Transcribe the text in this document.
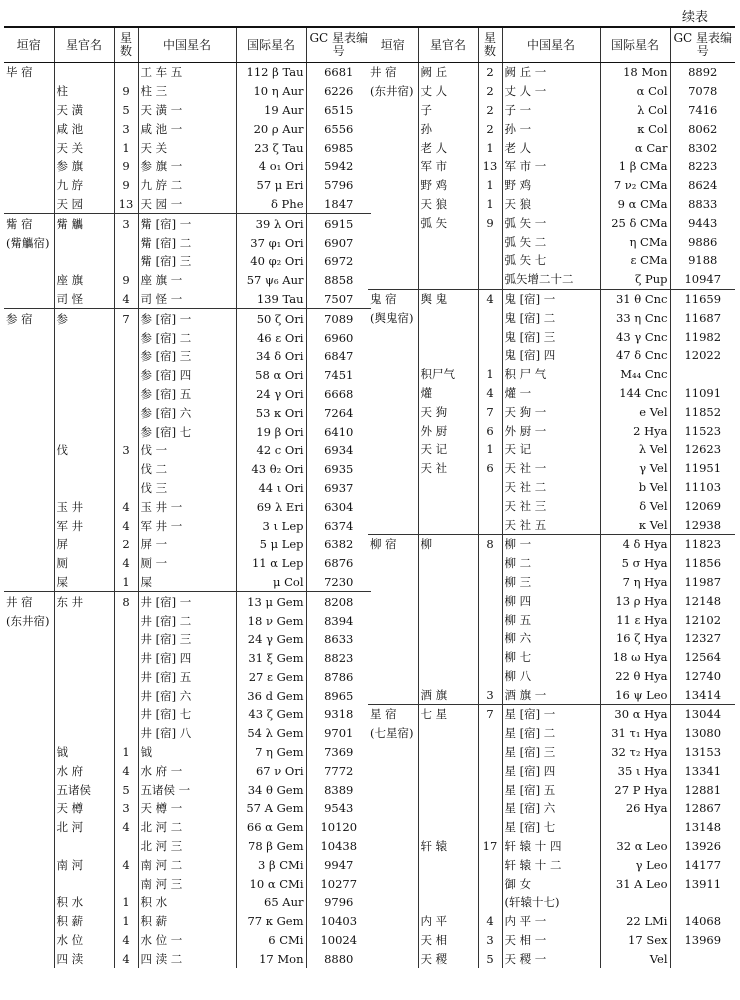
续表
垣宿	星官名	星数	中国星名	国际星名	GC 星表编号
毕 宿			工 车 五	112 β Tau	6681
	柱	9	柱 三	10 η Aur	6226
	天 潢	5	天 潢 一	19 Aur	6515
	咸 池	3	咸 池 一	20 ρ Aur	6556
	天 关	1	天 关	23 ζ Tau	6985
	参 旗	9	参 旗 一	4 ο₁ Ori	5942
	九 斿	9	九 斿 二	57 μ Eri	5796
	天 园	13	天 园 一	δ Phe	1847
觜 宿	觜 觿	3	觜 [宿] 一	39 λ Ori	6915
(觜觿宿)			觜 [宿] 二	37 φ₁ Ori	6907
			觜 [宿] 三	40 φ₂ Ori	6972
	座 旗	9	座 旗 一	57 ψ₆ Aur	8858
	司 怪	4	司 怪 一	139 Tau	7507
参 宿	参	7	参 [宿] 一	50 ζ Ori	7089
			参 [宿] 二	46 ε Ori	6960
			参 [宿] 三	34 δ Ori	6847
			参 [宿] 四	58 α Ori	7451
			参 [宿] 五	24 γ Ori	6668
			参 [宿] 六	53 κ Ori	7264
			参 [宿] 七	19 β Ori	6410
	伐	3	伐 一	42 c Ori	6934
			伐 二	43 θ₂ Ori	6935
			伐 三	44 ι Ori	6937
	玉 井	4	玉 井 一	69 λ Eri	6304
	军 井	4	军 井 一	3 ι Lep	6374
	屏	2	屏 一	5 μ Lep	6382
	厕	4	厕 一	11 α Lep	6876
	屎	1	屎	μ Col	7230
井 宿	东 井	8	井 [宿] 一	13 μ Gem	8208
(东井宿)			井 [宿] 二	18 ν Gem	8394
			井 [宿] 三	24 γ Gem	8633
			井 [宿] 四	31 ξ Gem	8823
			井 [宿] 五	27 ε Gem	8786
			井 [宿] 六	36 d Gem	8965
			井 [宿] 七	43 ζ Gem	9318
			井 [宿] 八	54 λ Gem	9701
	钺	1	钺	7 η Gem	7369
	水 府	4	水 府 一	67 ν Ori	7772
	五诸侯	5	五诸侯 一	34 θ Gem	8389
	天 樽	3	天 樽 一	57 A Gem	9543
	北 河	4	北 河 二	66 α Gem	10120
			北 河 三	78 β Gem	10438
	南 河	4	南 河 二	3 β CMi	9947
			南 河 三	10 α CMi	10277
	积 水	1	积 水	65 Aur	9796
	积 薪	1	积 薪	77 κ Gem	10403
	水 位	4	水 位 一	6 CMi	10024
	四 渎	4	四 渎 二	17 Mon	8880
垣宿	星官名	星数	中国星名	国际星名	GC 星表编号
井 宿	阙 丘	2	阙 丘 一	18 Mon	8892
(东井宿)	丈 人	2	丈 人 一	α Col	7078
	子	2	子 一	λ Col	7416
	孙	2	孙 一	κ Col	8062
	老 人	1	老 人	α Car	8302
	军 市	13	军 市 一	1 β CMa	8223
	野 鸡	1	野 鸡	7 ν₂ CMa	8624
	天 狼	1	天 狼	9 α CMa	8833
	弧 矢	9	弧 矢 一	25 δ CMa	9443
			弧 矢 二	η CMa	9886
			弧 矢 七	ε CMa	9188
			弧矢增二十二	ζ Pup	10947
鬼 宿	舆 鬼	4	鬼 [宿] 一	31 θ Cnc	11659
(舆鬼宿)			鬼 [宿] 二	33 η Cnc	11687
			鬼 [宿] 三	43 γ Cnc	11982
			鬼 [宿] 四	47 δ Cnc	12022
	积尸气	1	积 尸 气	M₄₄ Cnc	
	爟	4	爟 一	144 Cnc	11091
	天 狗	7	天 狗 一	e Vel	11852
	外 厨	6	外 厨 一	2 Hya	11523
	天 记	1	天 记	λ Vel	12623
	天 社	6	天 社 一	γ Vel	11951
			天 社 二	b Vel	11103
			天 社 三	δ Vel	12069
			天 社 五	κ Vel	12938
柳 宿	柳	8	柳 一	4 δ Hya	11823
			柳 二	5 σ Hya	11856
			柳 三	7 η Hya	11987
			柳 四	13 ρ Hya	12148
			柳 五	11 ε Hya	12102
			柳 六	16 ζ Hya	12327
			柳 七	18 ω Hya	12564
			柳 八	22 θ Hya	12740
	酒 旗	3	酒 旗 一	16 ψ Leo	13414
星 宿	七 星	7	星 [宿] 一	30 α Hya	13044
(七星宿)			星 [宿] 二	31 τ₁ Hya	13080
			星 [宿] 三	32 τ₂ Hya	13153
			星 [宿] 四	35 ι Hya	13341
			星 [宿] 五	27 P Hya	12881
			星 [宿] 六	26 Hya	12867
			星 [宿] 七		13148
	轩 辕	17	轩 辕 十 四	32 α Leo	13926
			轩 辕 十 二	γ Leo	14177
			御 女	31 A Leo	13911
			(轩辕十七)		
	内 平	4	内 平 一	22 LMi	14068
	天 相	3	天 相 一	17 Sex	13969
	天 稷	5	天 稷 一	Vel	
